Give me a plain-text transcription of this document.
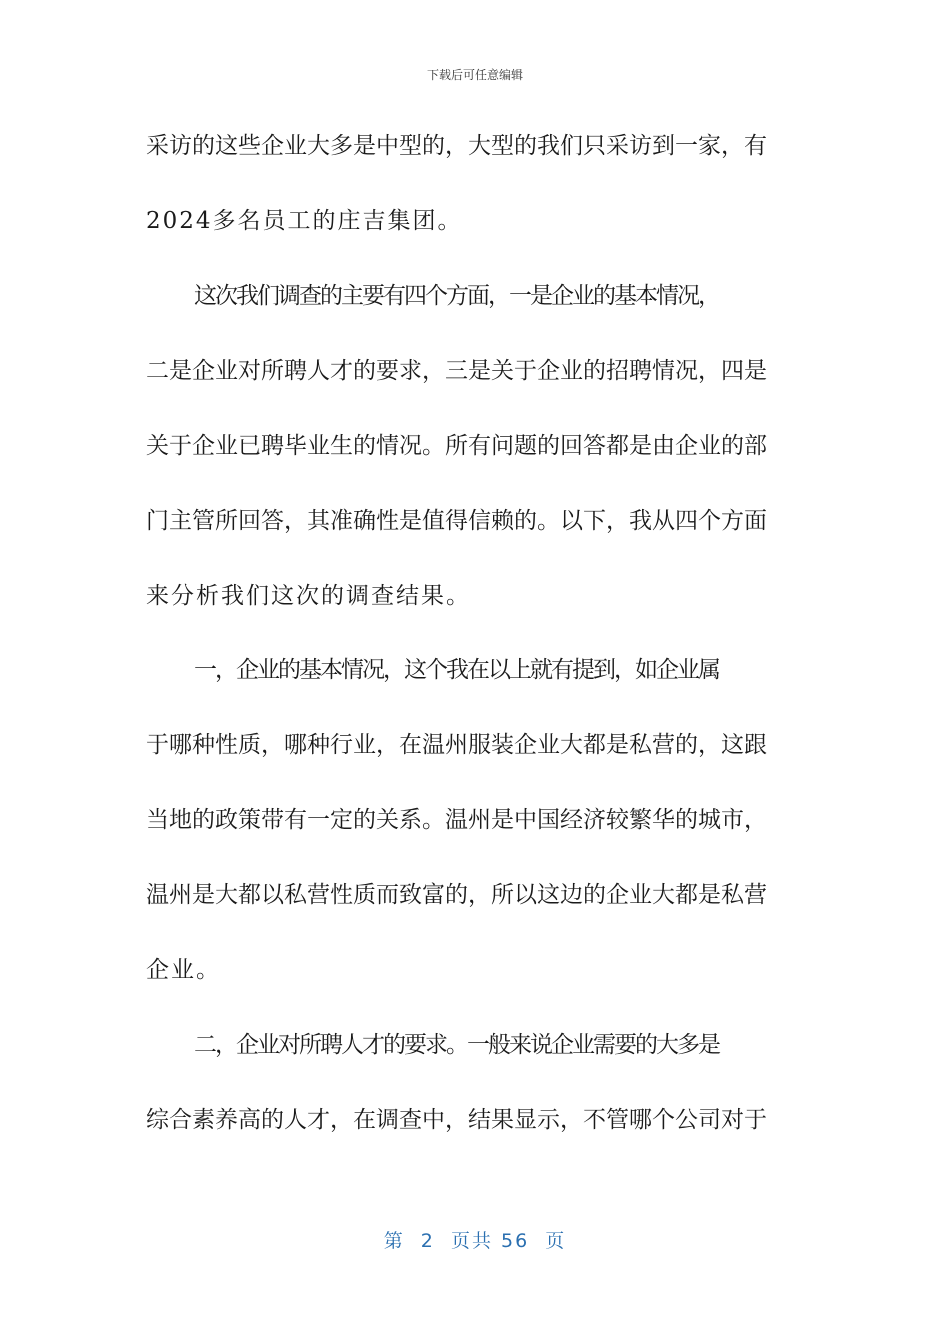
下载后可任意编辑
采访的这些企业大多是中型的，大型的我们只采访到一家，有
2024多名员工的庄吉集团。
这次我们调查的主要有四个方面，一是企业的基本情况，
二是企业对所聘人才的要求，三是关于企业的招聘情况，四是
关于企业已聘毕业生的情况。所有问题的回答都是由企业的部
门主管所回答，其准确性是值得信赖的。以下，我从四个方面
来分析我们这次的调查结果。
一，企业的基本情况，这个我在以上就有提到，如企业属
于哪种性质，哪种行业，在温州服装企业大都是私营的，这跟
当地的政策带有一定的关系。温州是中国经济较繁华的城市，
温州是大都以私营性质而致富的，所以这边的企业大都是私营
企业。
二，企业对所聘人才的要求。一般来说企业需要的大多是
综合素养高的人才，在调查中，结果显示，不管哪个公司对于
第  2  页共 56  页
